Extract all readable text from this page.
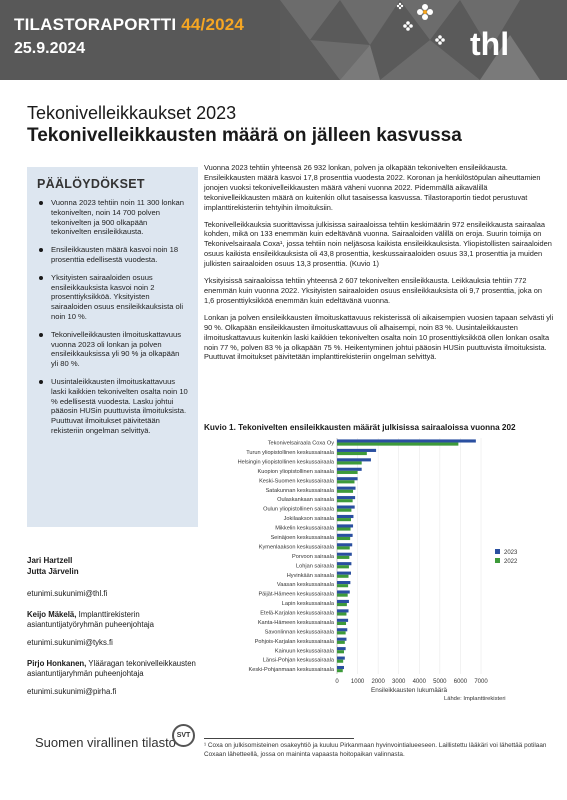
TILASTORAPORTTI 44/2024
25.9.2024	thl
Tekonivelleikkaukset 2023
Tekonivelleikkausten määrä on jälleen kasvussa
PÄÄLÖYDÖKSET
Vuonna 2023 tehtiin noin 11 300 lonkan tekonivelten, noin 14 700 polven tekonivelten ja 900 olkapään tekonivelten ensileikkausta.
Ensileikkausten määrä kasvoi noin 18 prosenttia edellisestä vuodesta.
Yksityisten sairaaloiden osuus ensileikkauksista kasvoi noin 2 prosenttiyksikköä. Yksityisten sairaaloiden osuus ensileikkauksista oli noin 10 %.
Tekonivelleikkausten ilmoituskattavuus vuonna 2023 oli lonkan ja polven ensileikkauksissa yli 90 % ja olkapään yli 80 %.
Uusintaleikkausten ilmoituskattavuus laski kaikkien tekonivelten osalta noin 10 % edellisestä vuodesta. Lasku johtui pääosin HUSin puuttuvista ilmoituksista. Puuttuvat ilmoitukset päivitetään rekisteriin ongelman selvittyä.
Jari Hartzell
Jutta Järvelin
etunimi.sukunimi@thl.fi
Keijo Mäkelä, Implanttirekisterin asiantuntijatyöryhmän puheenjohtaja
etunimi.sukunimi@tyks.fi
Pirjo Honkanen, Ylääragan tekonivelleikkausten asiantuntijaryhmän puheenjohtaja
etunimi.sukunimi@pirha.fi
Suomen virallinen tilasto SVT

Vuonna 2023 tehtiin yhteensä 26 932 lonkan, polven ja olkapään tekonivelten ensileikkausta. Ensileikkausten määrä kasvoi 17,8 prosenttia vuodesta 2022. Koronan ja henkilöstöpulan aiheuttamien jonojen vuoksi tekonivelleikkausten määrä väheni vuonna 2022. Pidemmällä aikavälillä tekonivelleikkausten määrä on kuitenkin ollut tasaisessa kasvussa. Tilastoraportin tiedot perustuvat implanttirekisteriin tehtyihin ilmoituksiin.

Tekonivelleikkauksia suorittavissa julkisissa sairaaloissa tehtiin keskimäärin 972 ensileikkausta sairaalaa kohden, mikä on 133 enemmän kuin edeltävänä vuonna. Sairaaloiden välillä on eroja. Suurin toimija on Tekonivelsairaala Coxa¹, jossa tehtiin noin neljäsosa kaikista ensileikkauksista. Yliopistollisten sairaaloiden osuus kaikista ensileikkauksista oli 43,8 prosenttia, keskussairaaloiden osuus 33,1 prosenttia ja muiden julkisten sairaaloiden osuus 13,3 prosenttia. (Kuvio 1)

Yksityisissä sairaaloissa tehtiin yhteensä 2 607 tekonivelten ensileikkausta. Leikkauksia tehtiin 772 enemmän kuin vuonna 2022. Yksityisten sairaaloiden osuus ensileikkauksista oli 9,7 prosenttia, joka on 1,6 prosenttiyksikköä enemmän kuin edeltävänä vuonna.

Lonkan ja polven ensileikkausten ilmoituskattavuus rekisterissä oli aikaisempien vuosien tapaan selvästi yli 90 %. Olkapään ensileikkausten ilmoituskattavuus oli alhaisempi, noin 83 %. Uusintaleikkausten ilmoituskattavuus kuitenkin laski kaikkien tekonivelten osalta noin 10 prosenttiyksikköä ollen lonkan osalta noin 77 %, polven 83 % ja olkapään 75 %. Heikentyminen johtui pääosin HUSin puuttuvista ilmoituksista. Puuttuvat ilmoitukset päivitetään implanttirekisteriin ongelman selvittyä.

Kuvio 1. Tekonivelten ensileikkausten määrät julkisissa sairaaloissa vuonna 202
0 1000 2000 3000 4000 5000 6000 7000
Tekonivelsairaala Coxa Oy
Turun yliopistollinen keskussairaala
Helsingin yliopistollinen keskussairaala
Kuopion yliopistollinen sairaala
Keski-Suomen keskussairaala
Satakunnan keskussairaala
Oulaskankaan sairaala
Oulun yliopistollinen sairaala
Jokilaakson sairaala
Mikkelin keskussairaala
Seinäjoen keskussairaala
Kymenlaakson keskussairaala
Porvoon sairaala
Lohjan sairaala
Hyvinkään sairaala
Vaasan keskussairaala
Päijät-Hämeen keskussairaala
Lapin keskussairaala
Etelä-Karjalan keskussairaala
Kanta-Hämeen keskussairaala
Savonlinnan keskussairaala
Pohjois-Karjalan keskussairaala
Kainuun keskussairaala
Länsi-Pohjan keskussairaala
Keski-Pohjanmaan keskussairaala
2023
2022
Ensileikkausten lukumäärä
Lähde: Implanttirekisteri
¹ Coxa on julkisomisteinen osakeyhtiö ja kuuluu Pirkanmaan hyvinvointialueeseen. Laillistettu lääkäri voi lähettää potilaan Coxaan lähetteellä, jossa on maininta vapaasta hoitopaikan valinnasta.
